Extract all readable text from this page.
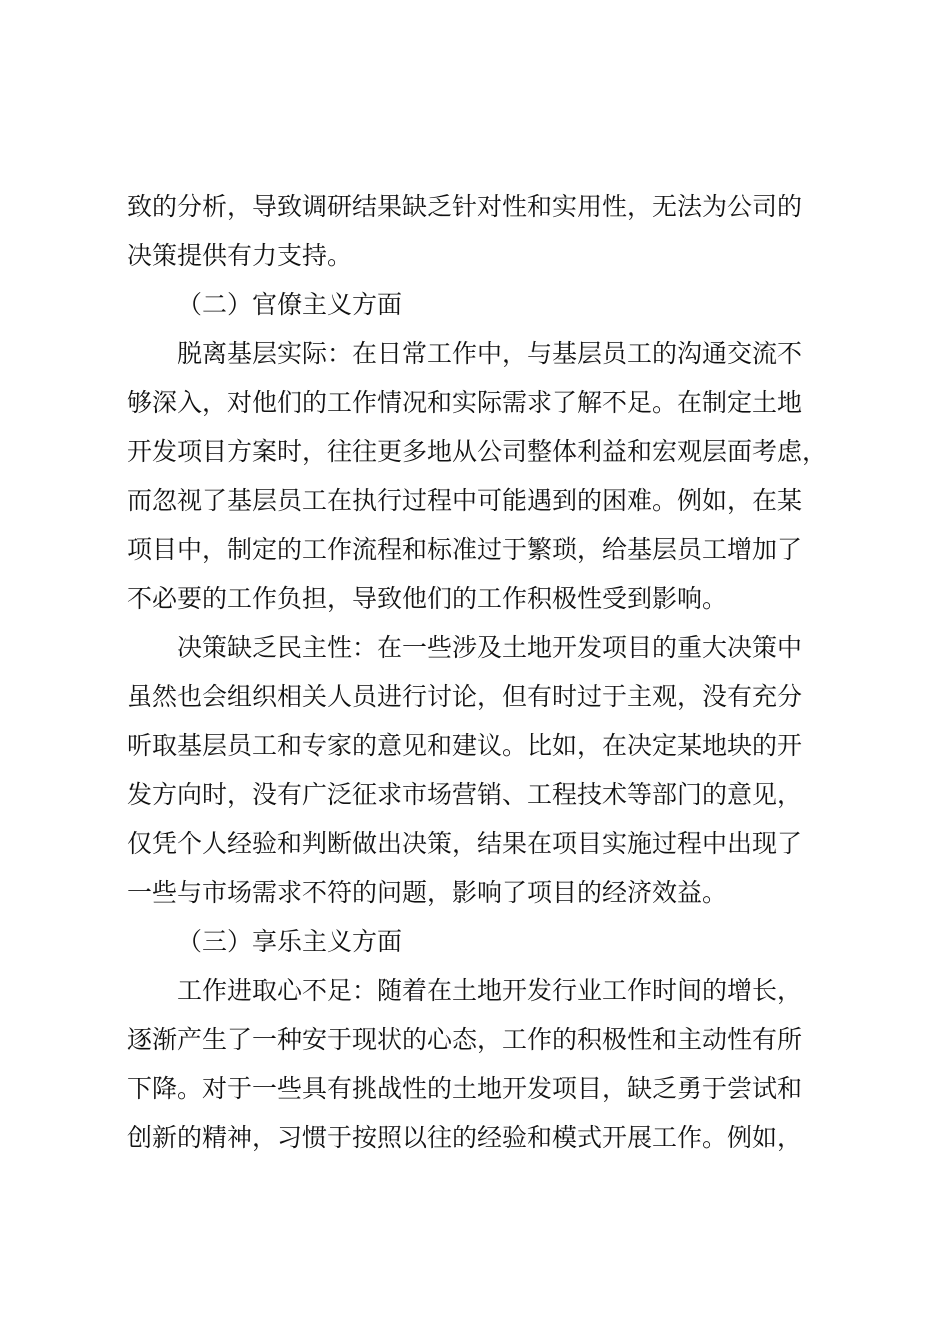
致的分析，导致调研结果缺乏针对性和实用性，无法为公司的
决策提供有力支持。
（二）官僚主义方面
脱离基层实际：在日常工作中，与基层员工的沟通交流不
够深入，对他们的工作情况和实际需求了解不足。在制定土地
开发项目方案时，往往更多地从公司整体利益和宏观层面考虑，
而忽视了基层员工在执行过程中可能遇到的困难。例如，在某
项目中，制定的工作流程和标准过于繁琐，给基层员工增加了
不必要的工作负担，导致他们的工作积极性受到影响。
决策缺乏民主性：在一些涉及土地开发项目的重大决策中
虽然也会组织相关人员进行讨论，但有时过于主观，没有充分
听取基层员工和专家的意见和建议。比如，在决定某地块的开
发方向时，没有广泛征求市场营销、工程技术等部门的意见，
仅凭个人经验和判断做出决策，结果在项目实施过程中出现了
一些与市场需求不符的问题，影响了项目的经济效益。
（三）享乐主义方面
工作进取心不足：随着在土地开发行业工作时间的增长，
逐渐产生了一种安于现状的心态，工作的积极性和主动性有所
下降。对于一些具有挑战性的土地开发项目，缺乏勇于尝试和
创新的精神，习惯于按照以往的经验和模式开展工作。例如，
